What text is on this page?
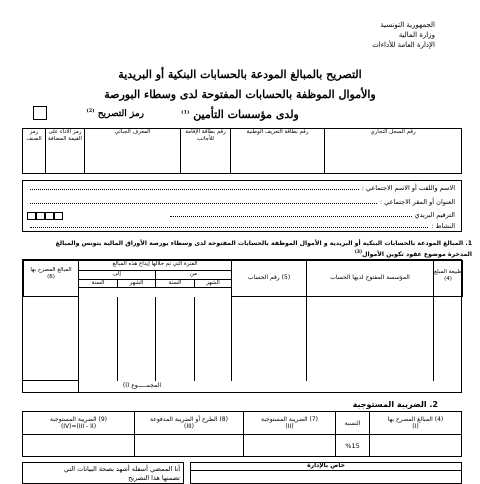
الجمهورية التونسية
وزارة المالية
الإدارة العامة للأداءات
التصريح بالمبالغ المودعة بالحسابات البنكية أو البريدية
والأموال الموظفة بالحسابات المفتوحة لدى وسطاء البورصة
ولدى مؤسسات التأمين $^{(1)}$
رمز التصريح $^{(2)}$
رقم السجل التجاري
رقم بطاقة التعريف الوطنية
رقم بطاقة الإقامة للأجانب
المعرف الجبائي
رمز الأداء على القيمة المضافة
رمز الصنف
الاسم واللقب أو الاسم الاجتماعي :
العنوان أو المقر الاجتماعي :
الترقيم البريدي
النشاط :
1. المبالغ المودعة بالحسابات البنكية أو البريدية و الأموال الموظفة بالحسابات المفتوحة لدى وسطاء بورصة الأوراق المالية بتونس والمبالغ
المدخرة موضوع عقود تكوين الأموال$^{(3)}$
طبيعة المبلغ (4)
المؤسسة المفتوح لديها الحساب
(5) رقم الحساب
الفترة التي تم خلالها إيداع هذه المبالغ
من
إلى
الشهر
السنة
الشهر
السنة
المبالغ المصرح بها
(6)
المجمـــــوع (I)
2. الضريبة المستوجبة
(4) المبالغ المصرح بها
(I)
النسبة
(7) الضريبة المستوجبة
(II)
(8) الطرح أو الضريبة المدفوعة
(III)
(9) الضريبة المستوجبة
(III - II)=(IV)
%15
خاص بالإدارة
أنا الممضي أسفله أشهد بصحة البيانات التي
تضمنها هذا التصريح
